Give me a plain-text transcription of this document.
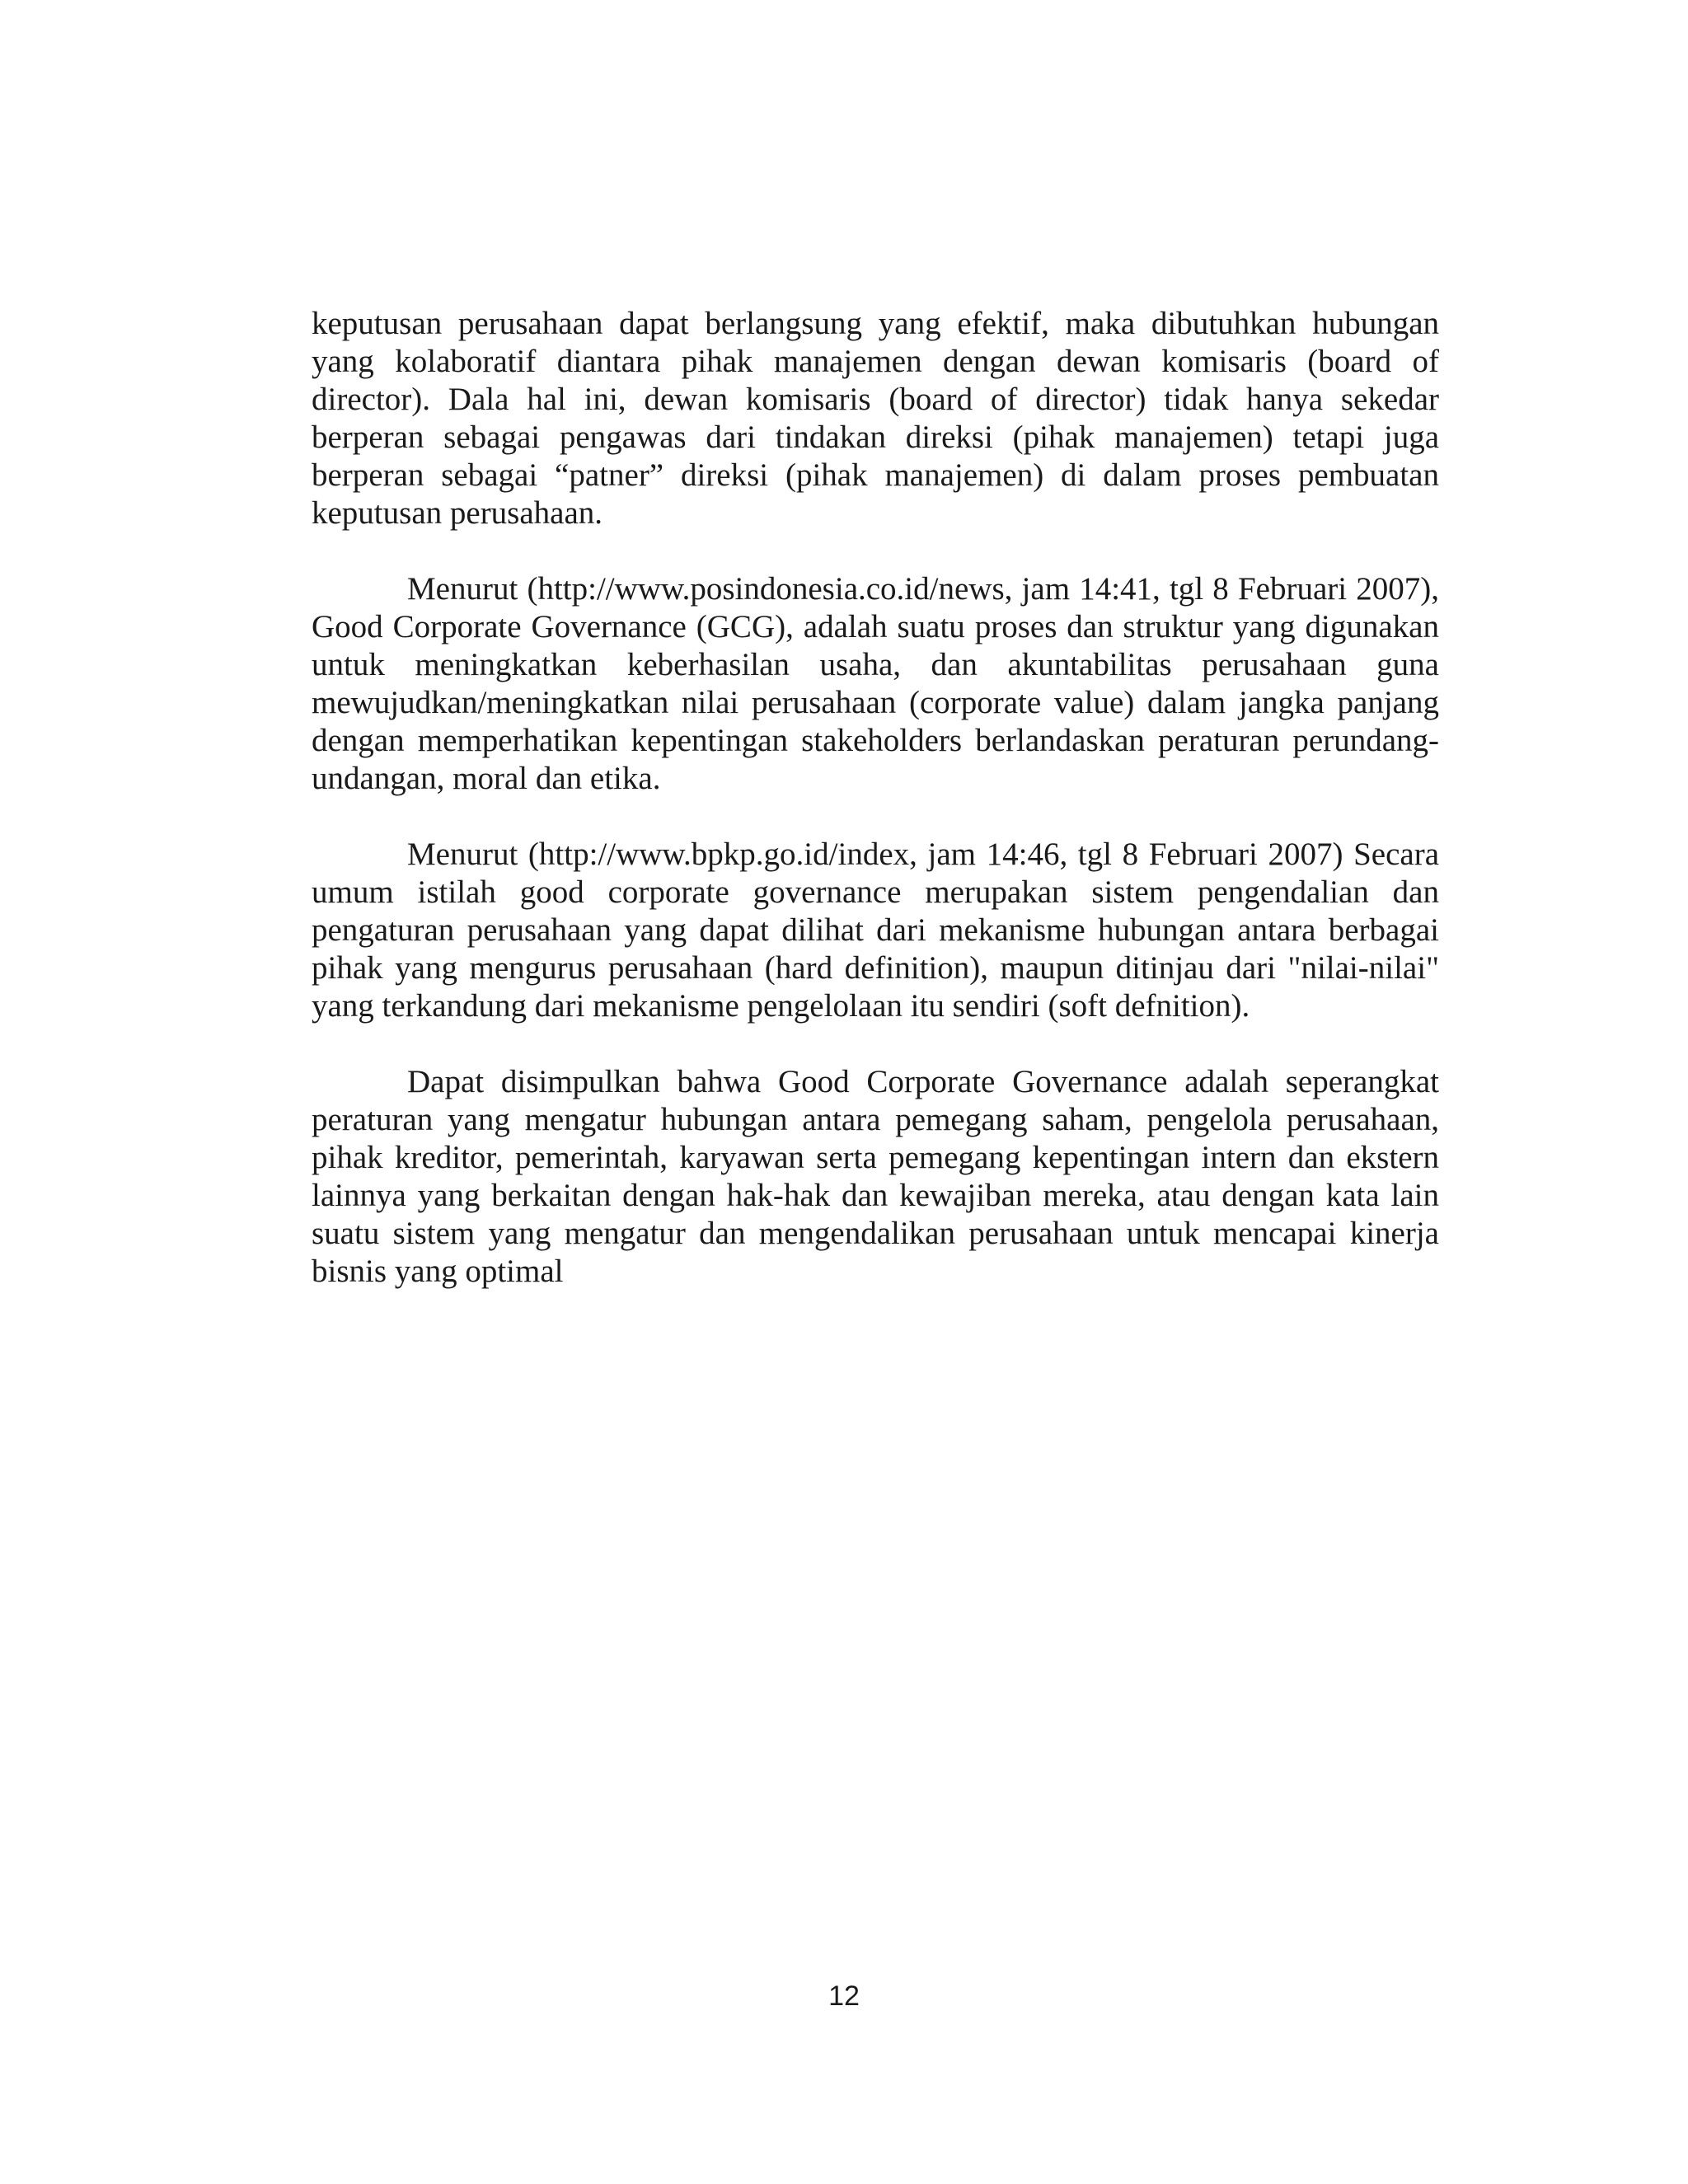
keputusan perusahaan dapat berlangsung yang efektif, maka dibutuhkan hubungan yang kolaboratif diantara pihak manajemen dengan dewan komisaris (board of director). Dala hal ini, dewan komisaris (board of director) tidak hanya sekedar berperan sebagai pengawas dari tindakan direksi (pihak manajemen) tetapi juga berperan sebagai “patner” direksi (pihak manajemen) di dalam proses pembuatan keputusan perusahaan.

Menurut (http://www.posindonesia.co.id/news, jam 14:41, tgl 8 Februari 2007), Good Corporate Governance (GCG), adalah suatu proses dan struktur yang digunakan untuk meningkatkan keberhasilan usaha, dan akuntabilitas perusahaan guna mewujudkan/meningkatkan nilai perusahaan (corporate value) dalam jangka panjang dengan memperhatikan kepentingan stakeholders berlandaskan peraturan perundang-undangan, moral dan etika.

Menurut (http://www.bpkp.go.id/index, jam 14:46, tgl 8 Februari 2007) Secara umum istilah good corporate governance merupakan sistem pengendalian dan pengaturan perusahaan yang dapat dilihat dari mekanisme hubungan antara berbagai pihak yang mengurus perusahaan (hard definition), maupun ditinjau dari "nilai-nilai" yang terkandung dari mekanisme pengelolaan itu sendiri (soft defnition).

Dapat disimpulkan bahwa Good Corporate Governance adalah seperangkat peraturan yang mengatur hubungan antara pemegang saham, pengelola perusahaan, pihak kreditor, pemerintah, karyawan serta pemegang kepentingan intern dan ekstern lainnya yang berkaitan dengan hak-hak dan kewajiban mereka, atau dengan kata lain suatu sistem yang mengatur dan mengendalikan perusahaan untuk mencapai kinerja bisnis yang optimal

12
